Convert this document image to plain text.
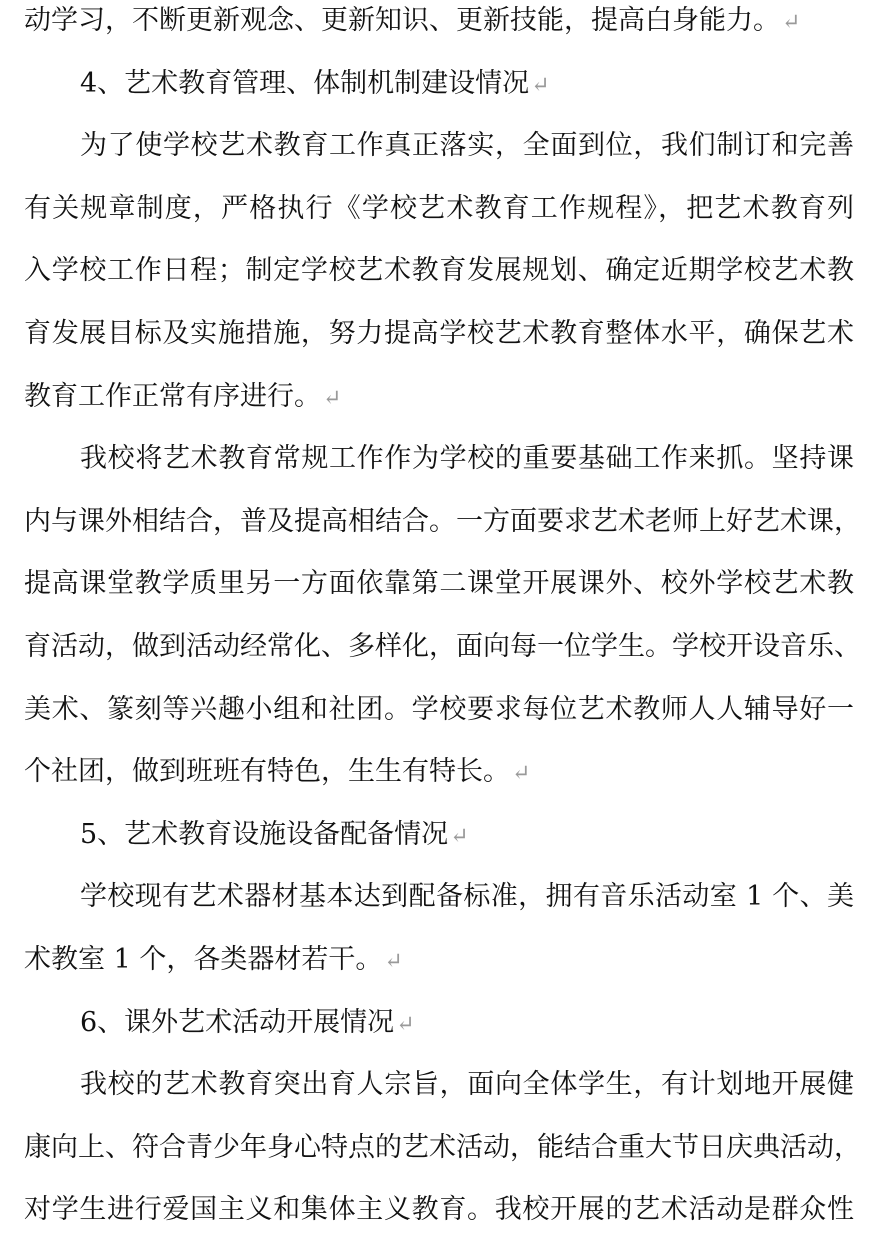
动学习，不断更新观念、更新知识、更新技能，提高白身能力。↵
4、艺术教育管理、体制机制建设情况↵
为了使学校艺术教育工作真正落实，全面到位，我们制订和完善
有关规章制度，严格执行《学校艺术教育工作规程》，把艺术教育列
入学校工作日程；制定学校艺术教育发展规划、确定近期学校艺术教
育发展目标及实施措施，努力提高学校艺术教育整体水平，确保艺术
教育工作正常有序进行。↵
我校将艺术教育常规工作作为学校的重要基础工作来抓。坚持课
内与课外相结合，普及提高相结合。一方面要求艺术老师上好艺术课，
提高课堂教学质里另一方面依靠第二课堂开展课外、校外学校艺术教
育活动，做到活动经常化、多样化，面向每一位学生。学校开设音乐、
美术、篆刻等兴趣小组和社团。学校要求每位艺术教师人人辅导好一
个社团，做到班班有特色，生生有特长。↵
5、艺术教育设施设备配备情况↵
学校现有艺术器材基本达到配备标准，拥有音乐活动室 1 个、美
术教室 1 个，各类器材若干。↵
6、课外艺术活动开展情况↵
我校的艺术教育突出育人宗旨，面向全体学生，有计划地开展健
康向上、符合青少年身心特点的艺术活动，能结合重大节日庆典活动，
对学生进行爱国主义和集体主义教育。我校开展的艺术活动是群众性
